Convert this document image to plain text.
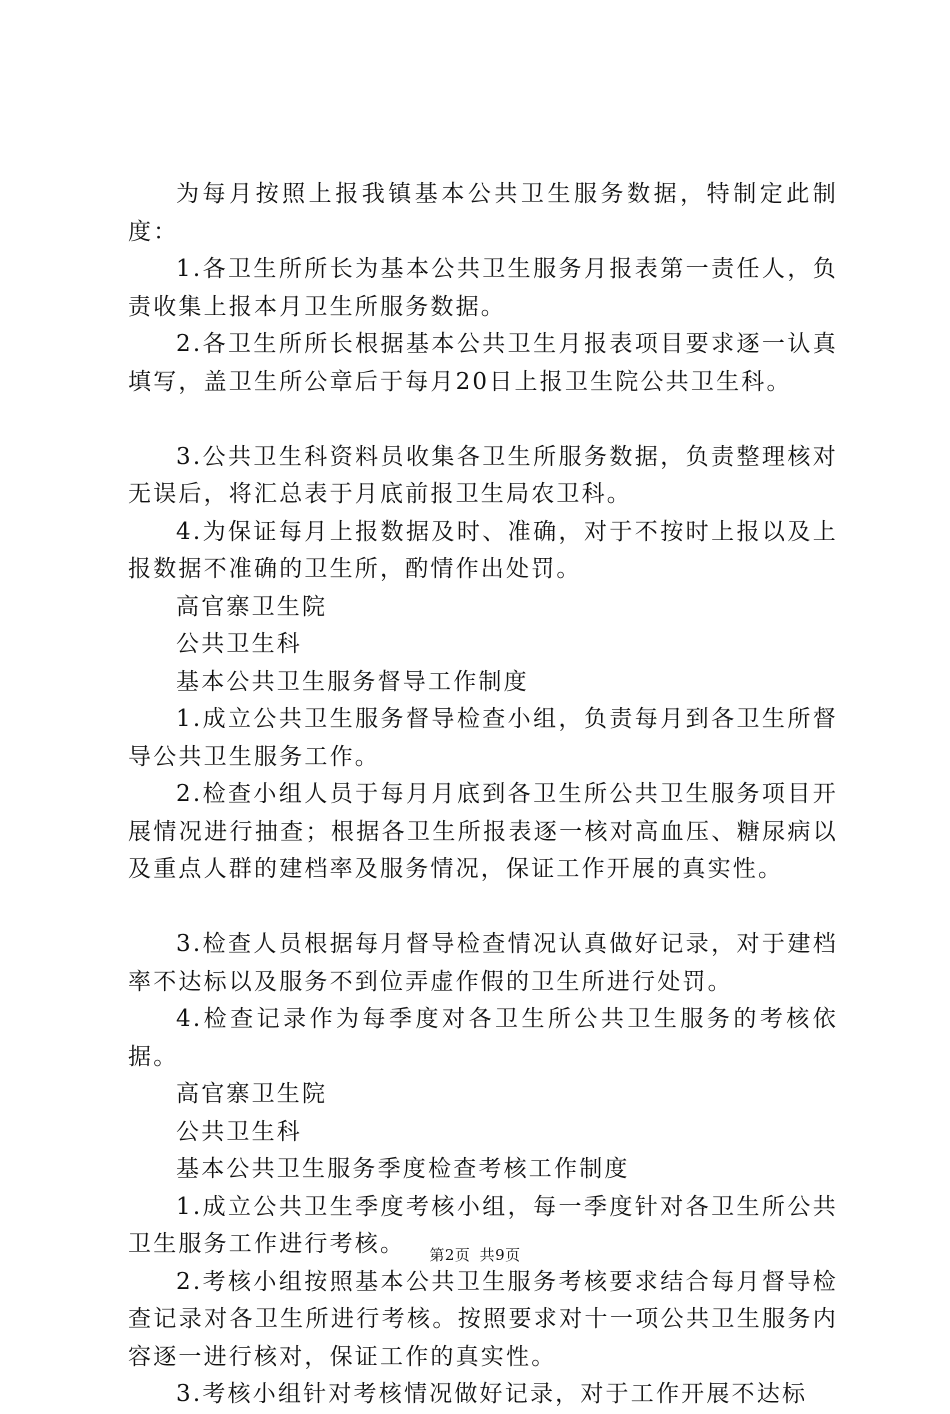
为每月按照上报我镇基本公共卫生服务数据，特制定此制度：

1.各卫生所所长为基本公共卫生服务月报表第一责任人，负责收集上报本月卫生所服务数据。

2.各卫生所所长根据基本公共卫生月报表项目要求逐一认真填写，盖卫生所公章后于每月20日上报卫生院公共卫生科。

3.公共卫生科资料员收集各卫生所服务数据，负责整理核对无误后，将汇总表于月底前报卫生局农卫科。

4.为保证每月上报数据及时、准确，对于不按时上报以及上报数据不准确的卫生所，酌情作出处罚。

高官寨卫生院

公共卫生科

基本公共卫生服务督导工作制度

1.成立公共卫生服务督导检查小组，负责每月到各卫生所督导公共卫生服务工作。

2.检查小组人员于每月月底到各卫生所公共卫生服务项目开展情况进行抽查；根据各卫生所报表逐一核对高血压、糖尿病以及重点人群的建档率及服务情况，保证工作开展的真实性。

3.检查人员根据每月督导检查情况认真做好记录，对于建档率不达标以及服务不到位弄虚作假的卫生所进行处罚。

4.检查记录作为每季度对各卫生所公共卫生服务的考核依据。

高官寨卫生院

公共卫生科

基本公共卫生服务季度检查考核工作制度

1.成立公共卫生季度考核小组，每一季度针对各卫生所公共卫生服务工作进行考核。

2.考核小组按照基本公共卫生服务考核要求结合每月督导检查记录对各卫生所进行考核。按照要求对十一项公共卫生服务内容逐一进行核对，保证工作的真实性。

3.考核小组针对考核情况做好记录，对于工作开展不达标

第2页 共9页
